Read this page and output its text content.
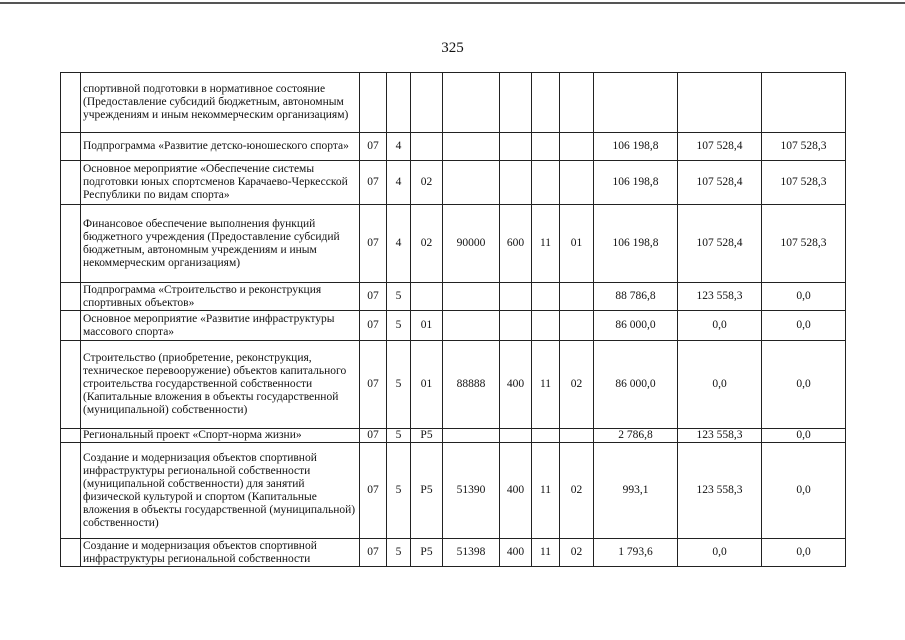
325
	спортивной подготовки в нормативное состояние (Предоставление субсидий бюджетным, автономным учреждениям и иным некоммерческим организациям)										
	Подпрограмма «Развитие детско-юношеского спорта»	07	4						106 198,8	107 528,4	107 528,3
	Основное мероприятие «Обеспечение системы подготовки юных спортсменов Карачаево-Черкесской Республики по видам спорта»	07	4	02					106 198,8	107 528,4	107 528,3
	Финансовое обеспечение выполнения функций бюджетного учреждения (Предоставление субсидий бюджетным, автономным учреждениям и иным некоммерческим организациям)	07	4	02	90000	600	11	01	106 198,8	107 528,4	107 528,3
	Подпрограмма «Строительство и реконструкция спортивных объектов»	07	5						88 786,8	123 558,3	0,0
	Основное мероприятие «Развитие инфраструктуры массового спорта»	07	5	01					86 000,0	0,0	0,0
	Строительство (приобретение, реконструкция, техническое перевооружение) объектов капитального строительства государственной собственности (Капитальные вложения в объекты государственной (муниципальной) собственности)	07	5	01	88888	400	11	02	86 000,0	0,0	0,0
	Региональный проект «Спорт-норма жизни»	07	5	P5					2 786,8	123 558,3	0,0
	Создание и модернизация объектов спортивной инфраструктуры региональной собственности (муниципальной собственности) для занятий физической культурой и спортом (Капитальные вложения в объекты государственной (муниципальной) собственности)	07	5	P5	51390	400	11	02	993,1	123 558,3	0,0
	Создание и модернизация объектов спортивной инфраструктуры региональной собственности	07	5	P5	51398	400	11	02	1 793,6	0,0	0,0
